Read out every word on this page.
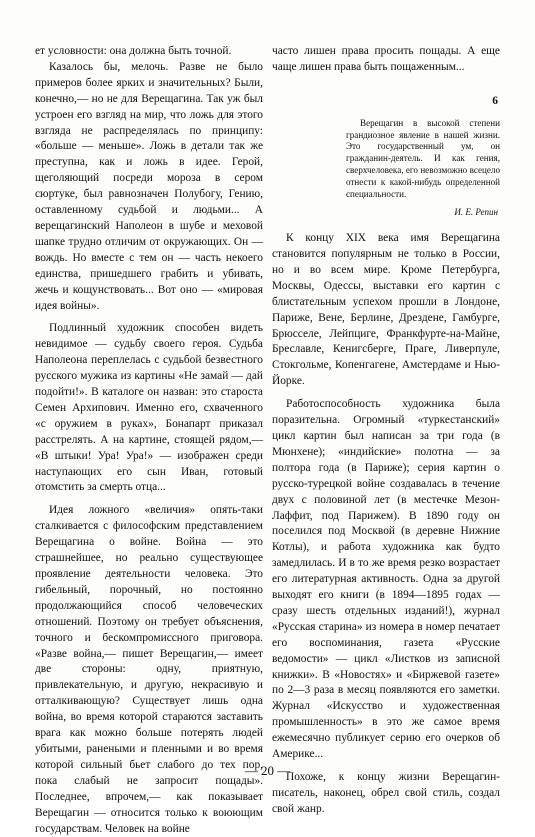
ет условности: она должна быть точной.

Казалось бы, мелочь. Разве не было примеров более ярких и значительных? Были, конечно,— но не для Верещагина. Так уж был устроен его взгляд на мир, что ложь для этого взгляда не распределялась по принципу: «больше — меньше». Ложь в детали так же преступна, как и ложь в идее. Герой, щеголяющий посреди мороза в сером сюртуке, был равнозначен Полубогу, Гению, оставленному судьбой и людьми... А верещагинский Наполеон в шубе и меховой шапке трудно отличим от окружающих. Он — вождь. Но вместе с тем он — часть некоего единства, пришедшего грабить и убивать, жечь и кощунствовать... Вот оно — «мировая идея войны».

Подлинный художник способен видеть невидимое — судьбу своего героя. Судьба Наполеона переплелась с судьбой безвестного русского мужика из картины «Не замай — дай подойти!». В каталоге он назван: это староста Семен Архипович. Именно его, схваченного «с оружием в руках», Бонапарт приказал расстрелять. А на картине, стоящей рядом,— «В штыки! Ура! Ура!» — изображен среди наступающих его сын Иван, готовый отомстить за смерть отца...

Идея ложного «величия» опять-таки сталкивается с философским представлением Верещагина о войне. Война — это страшнейшее, но реально существующее проявление деятельности человека. Это гибельный, порочный, но постоянно продолжающийся способ человеческих отношений. Поэтому он требует объяснения, точного и бескомпромиссного приговора. «Разве война,— пишет Верещагин,— имеет две стороны: одну, приятную, привлекательную, и другую, некрасивую и отталкивающую? Существует лишь одна война, во время которой стараются заставить врага как можно больше потерять людей убитыми, ранеными и пленными и во время которой сильный бьет слабого до тех пор, пока слабый не запросит пощады». Последнее, впрочем,— как показывает Верещагин — относится только к воюющим государствам. Человек на войне

часто лишен права просить пощады. А еще чаще лишен права быть пощаженным...

6

Верещагин в высокой степени грандиозное явление в нашей жизни. Это государственный ум, он гражданин-деятель. И как гения, сверхчеловека, его невозможно всецело отнести к какой-нибудь определенной специальности.

И. Е. Репин

К концу XIX века имя Верещагина становится популярным не только в России, но и во всем мире. Кроме Петербурга, Москвы, Одессы, выставки его картин с блистательным успехом прошли в Лондоне, Париже, Вене, Берлине, Дрездене, Гамбурге, Брюсселе, Лейпциге, Франкфурте-на-Майне, Бреславле, Кенигсберге, Праге, Ливерпуле, Стокгольме, Копенгагене, Амстердаме и Нью-Йорке.

Работоспособность художника была поразительна. Огромный «туркестанский» цикл картин был написан за три года (в Мюнхене); «индийские» полотна — за полтора года (в Париже); серия картин о русско-турецкой войне создавалась в течение двух с половиной лет (в местечке Мезон-Лаффит, под Парижем). В 1890 году он поселился под Москвой (в деревне Нижние Котлы), и работа художника как будто замедлилась. И в то же время резко возрастает его литературная активность. Одна за другой выходят его книги (в 1894—1895 годах — сразу шесть отдельных изданий!), журнал «Русская старина» из номера в номер печатает его воспоминания, газета «Русские ведомости» — цикл «Листков из записной книжки». В «Новостях» и «Биржевой газете» по 2—3 раза в месяц появляются его заметки. Журнал «Искусство и художественная промышленность» в это же самое время ежемесячно публикует серию его очерков об Америке...

Похоже, к концу жизни Верещагин-писатель, наконец, обрел свой стиль, создал свой жанр.

— 20 —
